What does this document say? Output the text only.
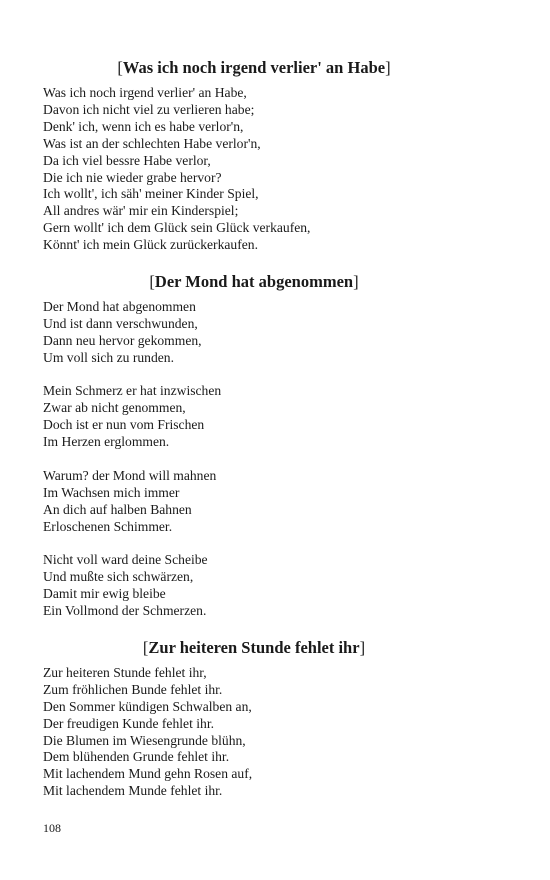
[Was ich noch irgend verlier' an Habe]
Was ich noch irgend verlier' an Habe,
Davon ich nicht viel zu verlieren habe;
Denk' ich, wenn ich es habe verlor'n,
Was ist an der schlechten Habe verlor'n,
Da ich viel bessre Habe verlor,
Die ich nie wieder grabe hervor?
Ich wollt', ich säh' meiner Kinder Spiel,
All andres wär' mir ein Kinderspiel;
Gern wollt' ich dem Glück sein Glück verkaufen,
Könnt' ich mein Glück zurückerkaufen.
[Der Mond hat abgenommen]
Der Mond hat abgenommen
Und ist dann verschwunden,
Dann neu hervor gekommen,
Um voll sich zu runden.
Mein Schmerz er hat inzwischen
Zwar ab nicht genommen,
Doch ist er nun vom Frischen
Im Herzen erglommen.
Warum? der Mond will mahnen
Im Wachsen mich immer
An dich auf halben Bahnen
Erloschenen Schimmer.
Nicht voll ward deine Scheibe
Und mußte sich schwärzen,
Damit mir ewig bleibe
Ein Vollmond der Schmerzen.
[Zur heiteren Stunde fehlet ihr]
Zur heiteren Stunde fehlet ihr,
Zum fröhlichen Bunde fehlet ihr.
Den Sommer kündigen Schwalben an,
Der freudigen Kunde fehlet ihr.
Die Blumen im Wiesengrunde blühn,
Dem blühenden Grunde fehlet ihr.
Mit lachendem Mund gehn Rosen auf,
Mit lachendem Munde fehlet ihr.
108
